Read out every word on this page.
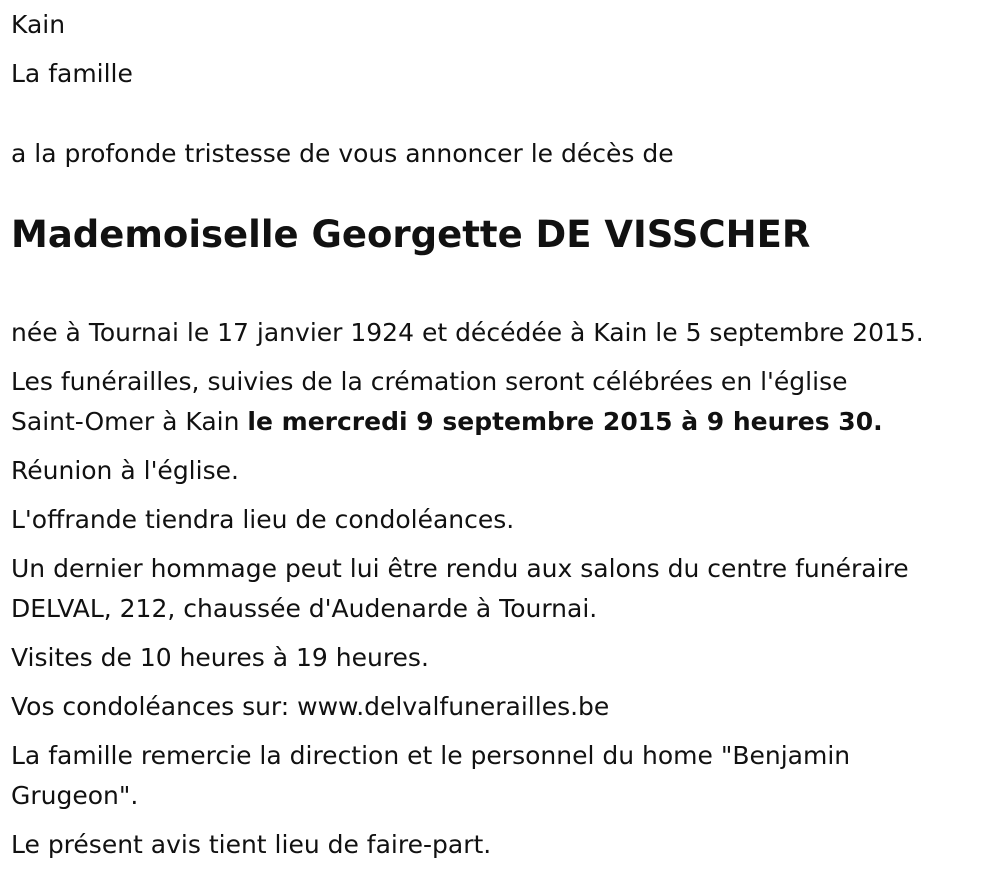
Kain

La famille

a la profonde tristesse de vous annoncer le décès de

Mademoiselle Georgette DE VISSCHER

née à Tournai le 17 janvier 1924 et décédée à Kain le 5 septembre 2015.

Les funérailles, suivies de la crémation seront célébrées en l'église
Saint-Omer à Kain le mercredi 9 septembre 2015 à 9 heures 30.

Réunion à l'église.

L'offrande tiendra lieu de condoléances.

Un dernier hommage peut lui être rendu aux salons du centre funéraire
DELVAL, 212, chaussée d'Audenarde à Tournai.

Visites de 10 heures à 19 heures.

Vos condoléances sur: www.delvalfunerailles.be

La famille remercie la direction et le personnel du home "Benjamin
Grugeon".

Le présent avis tient lieu de faire-part.
